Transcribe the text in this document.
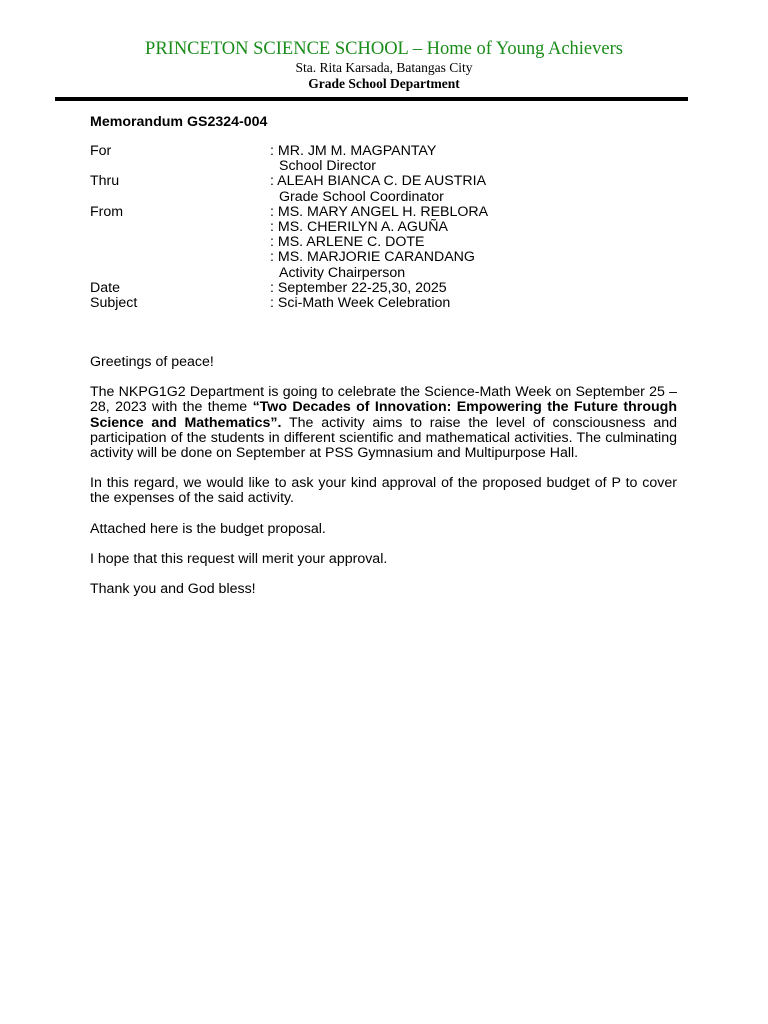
PRINCETON SCIENCE SCHOOL – Home of Young Achievers
Sta. Rita Karsada, Batangas City
Grade School Department
Memorandum GS2324-004
For	: MR. JM M. MAGPANTAY
School Director
Thru	: ALEAH BIANCA C. DE AUSTRIA
Grade School Coordinator
From	: MS. MARY ANGEL H. REBLORA
: MS. CHERILYN A. AGUÑA
: MS. ARLENE C. DOTE
: MS. MARJORIE CARANDANG
Activity Chairperson
Date	: September 22-25,30, 2025
Subject	: Sci-Math Week Celebration

Greetings of peace!

The NKPG1G2 Department is going to celebrate the Science-Math Week on September 25 – 28, 2023 with the theme “Two Decades of Innovation: Empowering the Future through Science and Mathematics”. The activity aims to raise the level of consciousness and participation of the students in different scientific and mathematical activities. The culminating activity will be done on September at PSS Gymnasium and Multipurpose Hall.

In this regard, we would like to ask your kind approval of the proposed budget of P to cover the expenses of the said activity.

Attached here is the budget proposal.

I hope that this request will merit your approval.

Thank you and God bless!
